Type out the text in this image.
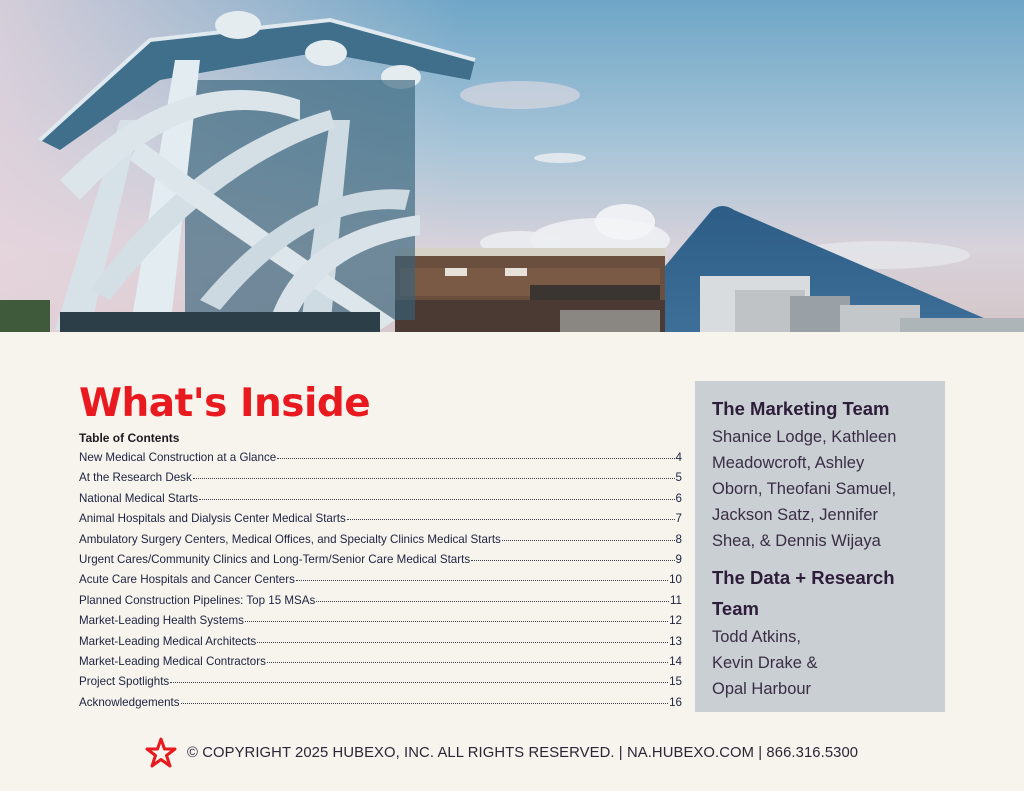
What's Inside
Table of Contents
New Medical Construction at a Glance	4
At the Research Desk	5
National Medical Starts	6
Animal Hospitals and Dialysis Center Medical Starts	7
Ambulatory Surgery Centers, Medical Offices, and Specialty Clinics Medical Starts	8
Urgent Cares/Community Clinics and Long-Term/Senior Care Medical Starts	9
Acute Care Hospitals and Cancer Centers	10
Planned Construction Pipelines: Top 15 MSAs	11
Market-Leading Health Systems	12
Market-Leading Medical Architects	13
Market-Leading Medical Contractors	14
Project Spotlights	15
Acknowledgements	16
The Marketing Team

Shanice Lodge, Kathleen

Meadowcroft, Ashley

Oborn, Theofani Samuel,

Jackson Satz, Jennifer

Shea, & Dennis Wijaya

The Data + Research
Team

Todd Atkins,

Kevin Drake &

Opal Harbour

© COPYRIGHT 2025 HUBEXO, INC. ALL RIGHTS RESERVED. | NA.HUBEXO.COM | 866.316.5300
